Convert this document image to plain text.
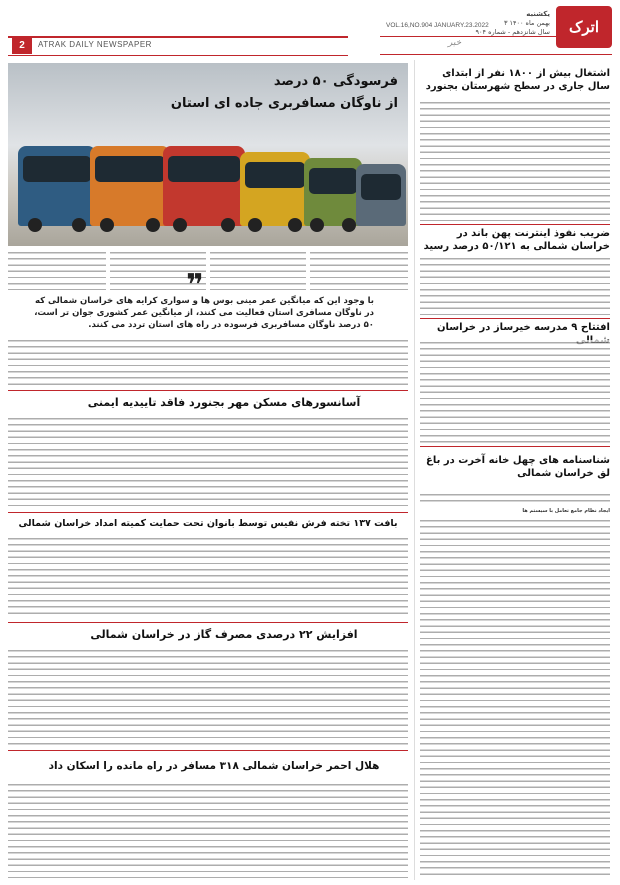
اترک
یکشنبه
۳ بهمن ماه ۱۴۰۰
سال شانزدهم - شماره ۹۰۴
VOL.16,NO.904 JANUARY.23.2022
خبر
2	ATRAK DAILY NEWSPAPER
اشتغال بیش از ۱۸۰۰ نفر از ابتدای سال جاری در سطح شهرستان بجنورد
ضریب نفوذ اینترنت پهن باند در خراسان شمالی به ۵۰/۱۲۱ درصد رسید
افتتاح ۹ مدرسه خیرساز در خراسان
شناسنامه های چهل خانه آخرت در باغ لق خراسان شمالی
ایجاد نظام جامع تعامل با سیستم ها
فرسودگی ۵۰ درصد
از ناوگان مسافربری جاده ای استان
❞
با وجود این که میانگین عمر مینی بوس ها و سواری کرایه های خراسان شمالی که در ناوگان مسافری استان فعالیت می کنند، از میانگین عمر کشوری جوان تر است، ۵۰ درصد ناوگان مسافربری فرسوده در راه های استان تردد می کنند.
آسانسورهای مسکن مهر بجنورد فاقد تاییدیه ایمنی
بافت ۱۳۷ تخته فرش نفیس توسط بانوان تحت حمایت کمیته امداد خراسان شمالی
افزایش ۲۲ درصدی مصرف گاز در خراسان شمالی
هلال احمر خراسان شمالی ۳۱۸ مسافر در راه مانده را اسکان داد
